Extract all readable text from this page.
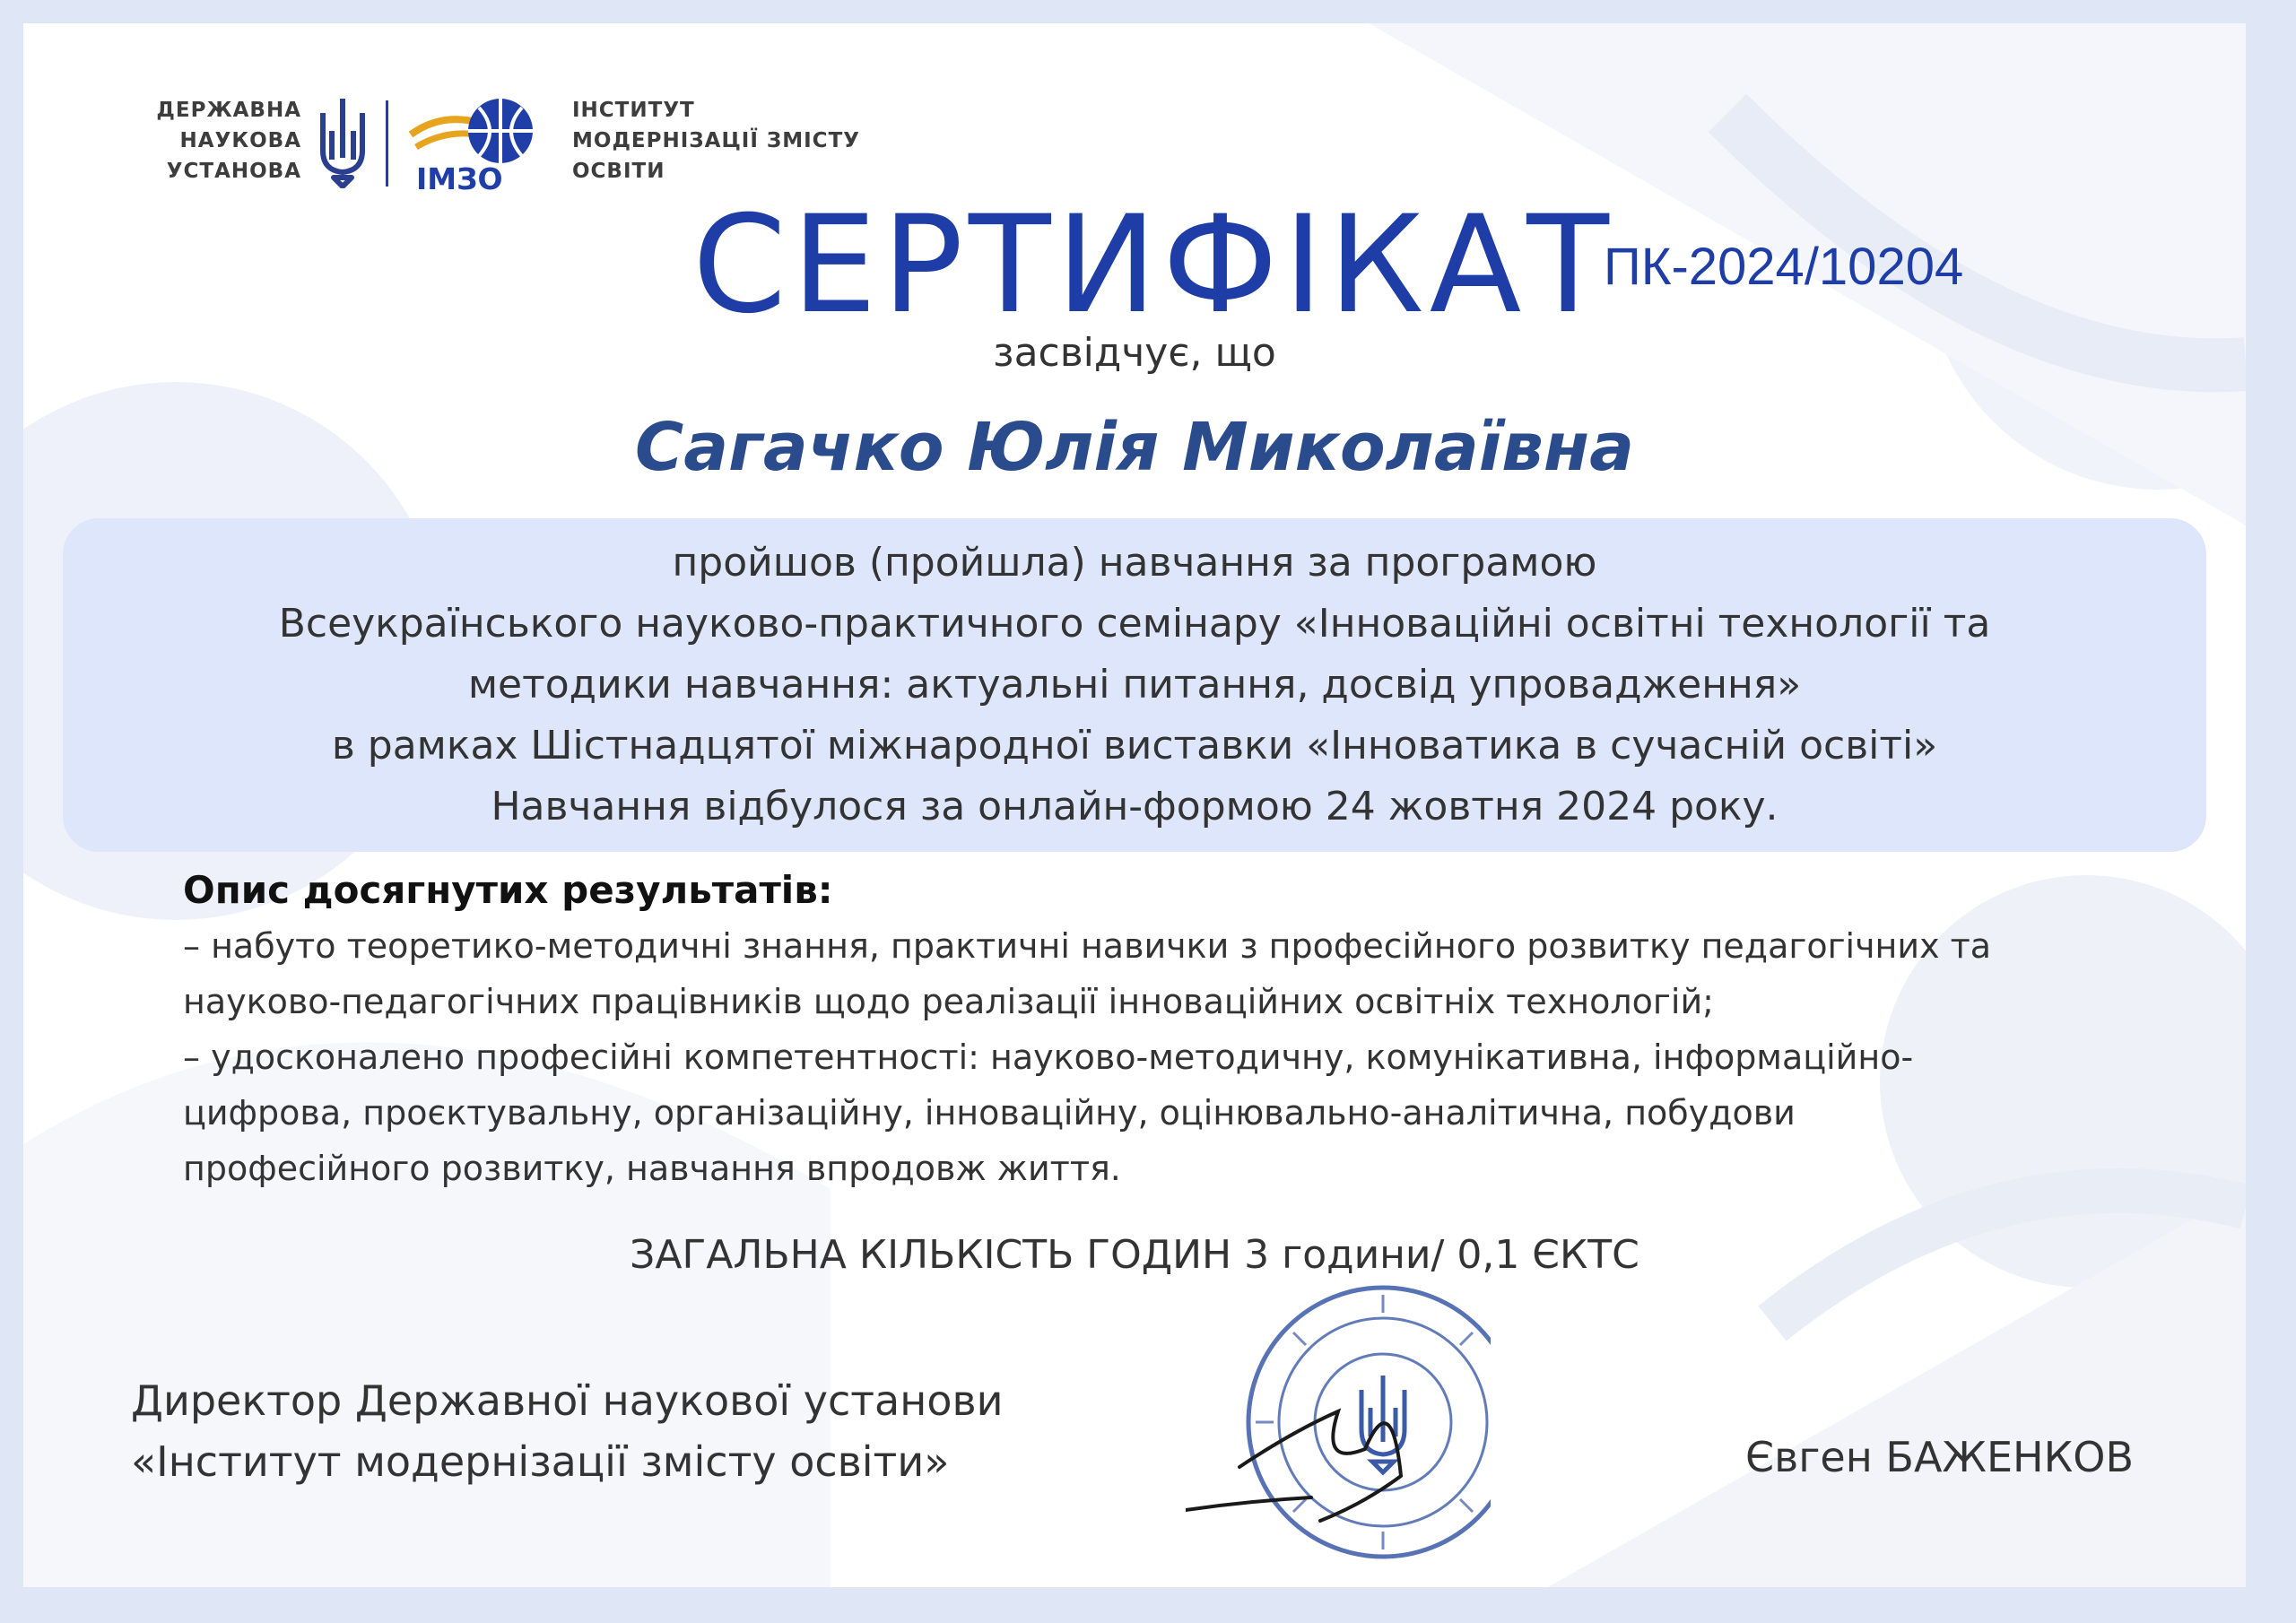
ДЕРЖАВНА
НАУКОВА
УСТАНОВА	ІМЗО
ІНСТИТУТ
МОДЕРНІЗАЦІЇ ЗМІСТУ
ОСВІТИ
СЕРТИФІКАТ
ПК-2024/10204
засвідчує, що
Сагачко Юлія Миколаївна
пройшов (пройшла) навчання за програмою
Всеукраїнського науково-практичного семінару «Інноваційні освітні технології та
методики навчання: актуальні питання, досвід упровадження»
в рамках Шістнадцятої міжнародної виставки «Інноватика в сучасній освіті»
Навчання відбулося за онлайн-формою 24 жовтня 2024 року.
Опис досягнутих результатів:
– набуто теоретико-методичні знання, практичні навички з професійного розвитку педагогічних та
науково-педагогічних працівників щодо реалізації інноваційних освітніх технологій;
– удосконалено професійні компетентності: науково-методичну, комунікативна, інформаційно-
цифрова, проєктувальну, організаційну, інноваційну, оцінювально-аналітична, побудови
професійного розвитку, навчання впродовж життя.
ЗАГАЛЬНА КІЛЬКІСТЬ ГОДИН 3 години/ 0,1 ЄКТС
Директор Державної наукової установи
«Інститут модернізації змісту освіти»	Євген БАЖЕНКОВ
